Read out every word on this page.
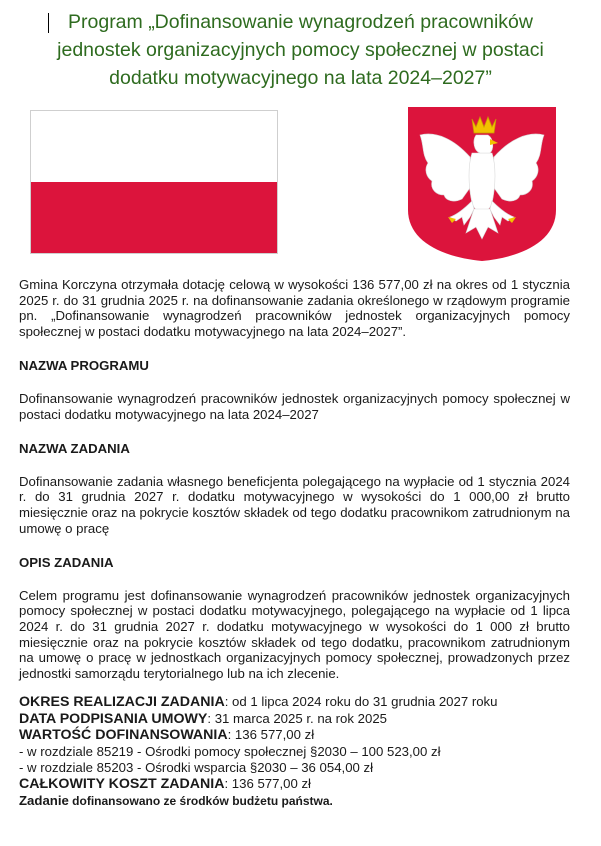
Program „Dofinansowanie wynagrodzeń pracowników
jednostek organizacyjnych pomocy społecznej w postaci
dodatku motywacyjnego na lata 2024–2027”

Gmina Korczyna otrzymała dotację celową w wysokości 136 577,00 zł na okres od 1 stycznia 2025 r. do 31 grudnia 2025 r. na dofinansowanie zadania określonego w rządowym programie pn. „Dofinansowanie wynagrodzeń pracowników jednostek organizacyjnych pomocy społecznej w postaci dodatku motywacyjnego na lata 2024–2027”.

NAZWA PROGRAMU

Dofinansowanie wynagrodzeń pracowników jednostek organizacyjnych pomocy społecznej w postaci dodatku motywacyjnego na lata 2024–2027

NAZWA ZADANIA

Dofinansowanie zadania własnego beneficjenta polegającego na wypłacie od 1 stycznia 2024 r. do 31 grudnia 2027 r. dodatku motywacyjnego w wysokości do 1 000,00 zł brutto miesięcznie oraz na pokrycie kosztów składek od tego dodatku pracownikom zatrudnionym na umowę o pracę

OPIS ZADANIA

Celem programu jest dofinansowanie wynagrodzeń pracowników jednostek organizacyjnych pomocy społecznej w postaci dodatku motywacyjnego, polegającego na wypłacie od 1 lipca 2024 r. do 31 grudnia 2027 r. dodatku motywacyjnego w wysokości do 1 000 zł brutto miesięcznie oraz na pokrycie kosztów składek od tego dodatku, pracownikom zatrudnionym na umowę o pracę w jednostkach organizacyjnych pomocy społecznej, prowadzonych przez jednostki samorządu terytorialnego lub na ich zlecenie.

OKRES REALIZACJI ZADANIA: od 1 lipca 2024 roku do 31 grudnia 2027 roku
DATA PODPISANIA UMOWY: 31 marca 2025 r. na rok 2025
WARTOŚĆ DOFINANSOWANIA: 136 577,00 zł
- w rozdziale 85219 - Ośrodki pomocy społecznej §2030 – 100 523,00 zł
- w rozdziale 85203 - Ośrodki wsparcia §2030 – 36 054,00 zł
CAŁKOWITY KOSZT ZADANIA: 136 577,00 zł
Zadanie dofinansowano ze środków budżetu państwa.
